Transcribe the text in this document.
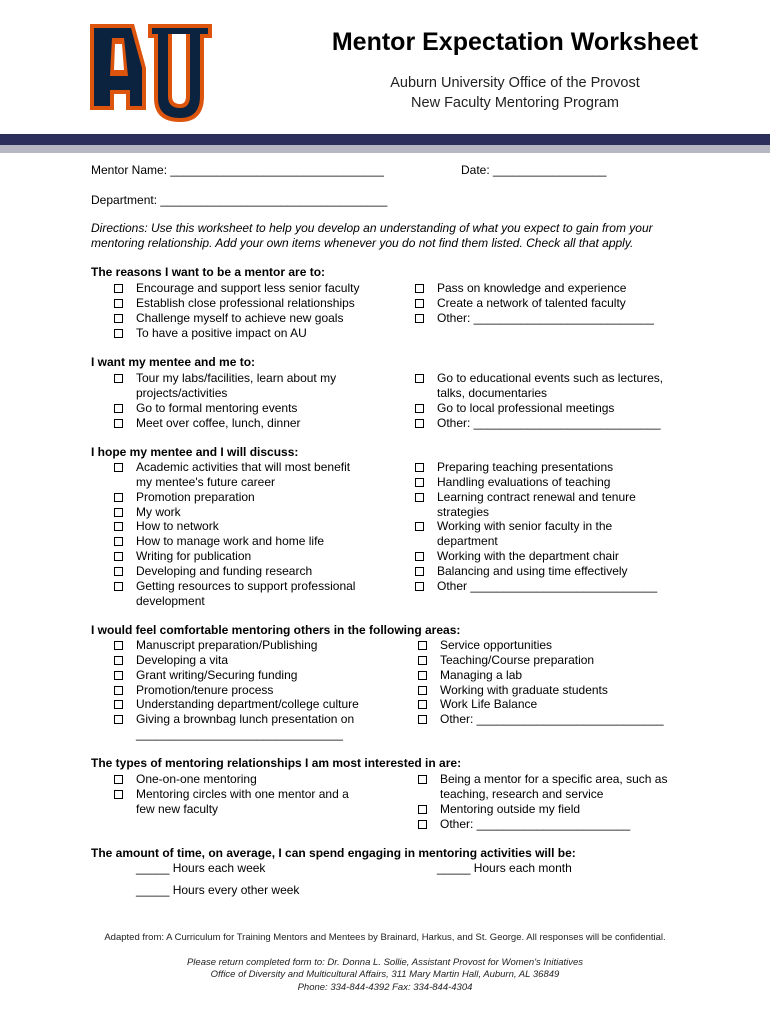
AU
Mentor Expectation Worksheet
Auburn University Office of the Provost
New Faculty Mentoring Program
Mentor Name: ________________________________	Date: _________________
Department: __________________________________
Directions: Use this worksheet to help you develop an understanding of what you expect to gain from your
mentoring relationship. Add your own items whenever you do not find them listed. Check all that apply.
The reasons I want to be a mentor are to:
Encourage and support less senior faculty
Establish close professional relationships
Challenge myself to achieve new goals
To have a positive impact on AU
Pass on knowledge and experience
Create a network of talented faculty
Other: ___________________________
I want my mentee and me to:
Tour my labs/facilities, learn about my
projects/activities
Go to formal mentoring events
Meet over coffee, lunch, dinner
Go to educational events such as lectures,
talks, documentaries
Go to local professional meetings
Other: ____________________________
I hope my mentee and I will discuss:
Academic activities that will most benefit
my mentee's future career
Promotion preparation
My work
How to network
How to manage work and home life
Writing for publication
Developing and funding research
Getting resources to support professional
development
Preparing teaching presentations
Handling evaluations of teaching
Learning contract renewal and tenure
strategies
Working with senior faculty in the
department
Working with the department chair
Balancing and using time effectively
Other ____________________________
I would feel comfortable mentoring others in the following areas:
Manuscript preparation/Publishing
Developing a vita
Grant writing/Securing funding
Promotion/tenure process
Understanding department/college culture
Giving a brownbag lunch presentation on
_______________________________
Service opportunities
Teaching/Course preparation
Managing a lab
Working with graduate students
Work Life Balance
Other: ____________________________
The types of mentoring relationships I am most interested in are:
One-on-one mentoring
Mentoring circles with one mentor and a
few new faculty
Being a mentor for a specific area, such as
teaching, research and service
Mentoring outside my field
Other: _______________________
The amount of time, on average, I can spend engaging in mentoring activities will be:
_____ Hours each week	_____ Hours each month
_____ Hours every other week
Adapted from: A Curriculum for Training Mentors and Mentees by Brainard, Harkus, and St. George. All responses will be confidential.
Please return completed form to: Dr. Donna L. Sollie, Assistant Provost for Women's Initiatives
Office of Diversity and Multicultural Affairs, 311 Mary Martin Hall, Auburn, AL 36849
Phone: 334-844-4392 Fax: 334-844-4304
